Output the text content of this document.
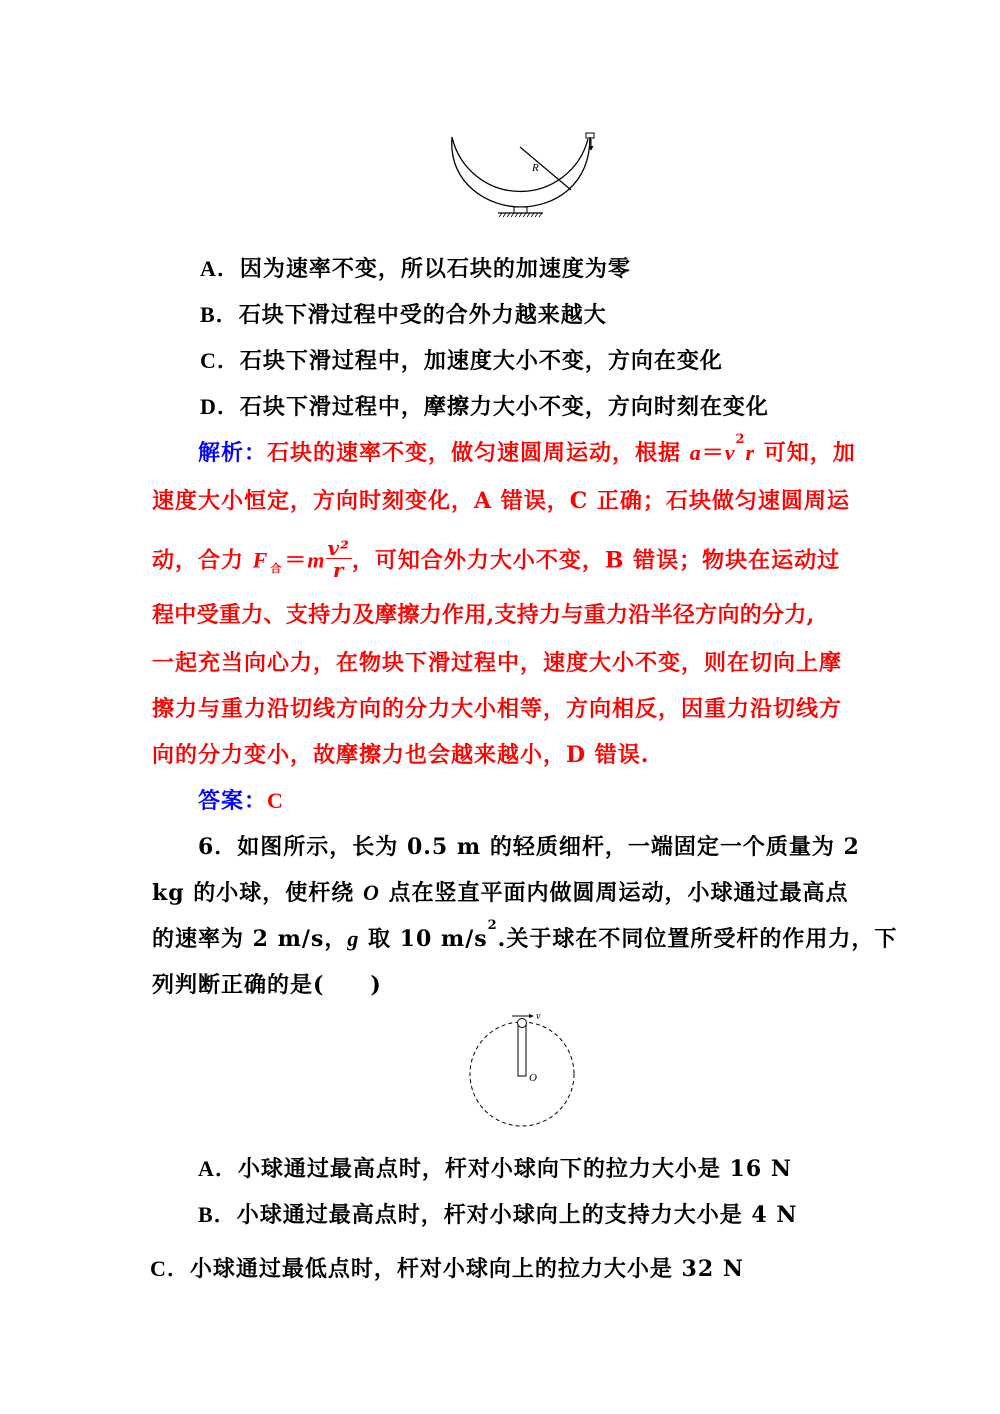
R
A．因为速率不变，所以石块的加速度为零
B．石块下滑过程中受的合外力越来越大
C．石块下滑过程中，加速度大小不变，方向在变化
D．石块下滑过程中，摩擦力大小不变，方向时刻在变化
解析：石块的速率不变，做匀速圆周运动，根据 $a=v^2r$ 可知，加
速度大小恒定，方向时刻变化，A 错误，C 正确；石块做匀速圆周运
动，合力 F 合$=m \frac{\text{v²}}{r}$ ，可知合外力大小不变，B 错误；物块在运动过
程中受重力、支持力及摩擦力作用,支持力与重力沿半径方向的分力,
一起充当向心力，在物块下滑过程中，速度大小不变，则在切向上摩
擦力与重力沿切线方向的分力大小相等，方向相反，因重力沿切线方
向的分力变小，故摩擦力也会越来越小，D 错误.
答案：C
6．如图所示，长为 0.5 m 的轻质细杆，一端固定一个质量为 2
kg 的小球，使杆绕 O 点在竖直平面内做圆周运动，小球通过最高点
的速率为 2 m/s，g 取 10 $m/s^2$.关于球在不同位置所受杆的作用力，下
列判断正确的是(　　)
v
O
A．小球通过最高点时，杆对小球向下的拉力大小是 16 N
B．小球通过最高点时，杆对小球向上的支持力大小是 4 N
C．小球通过最低点时，杆对小球向上的拉力大小是 32 N
